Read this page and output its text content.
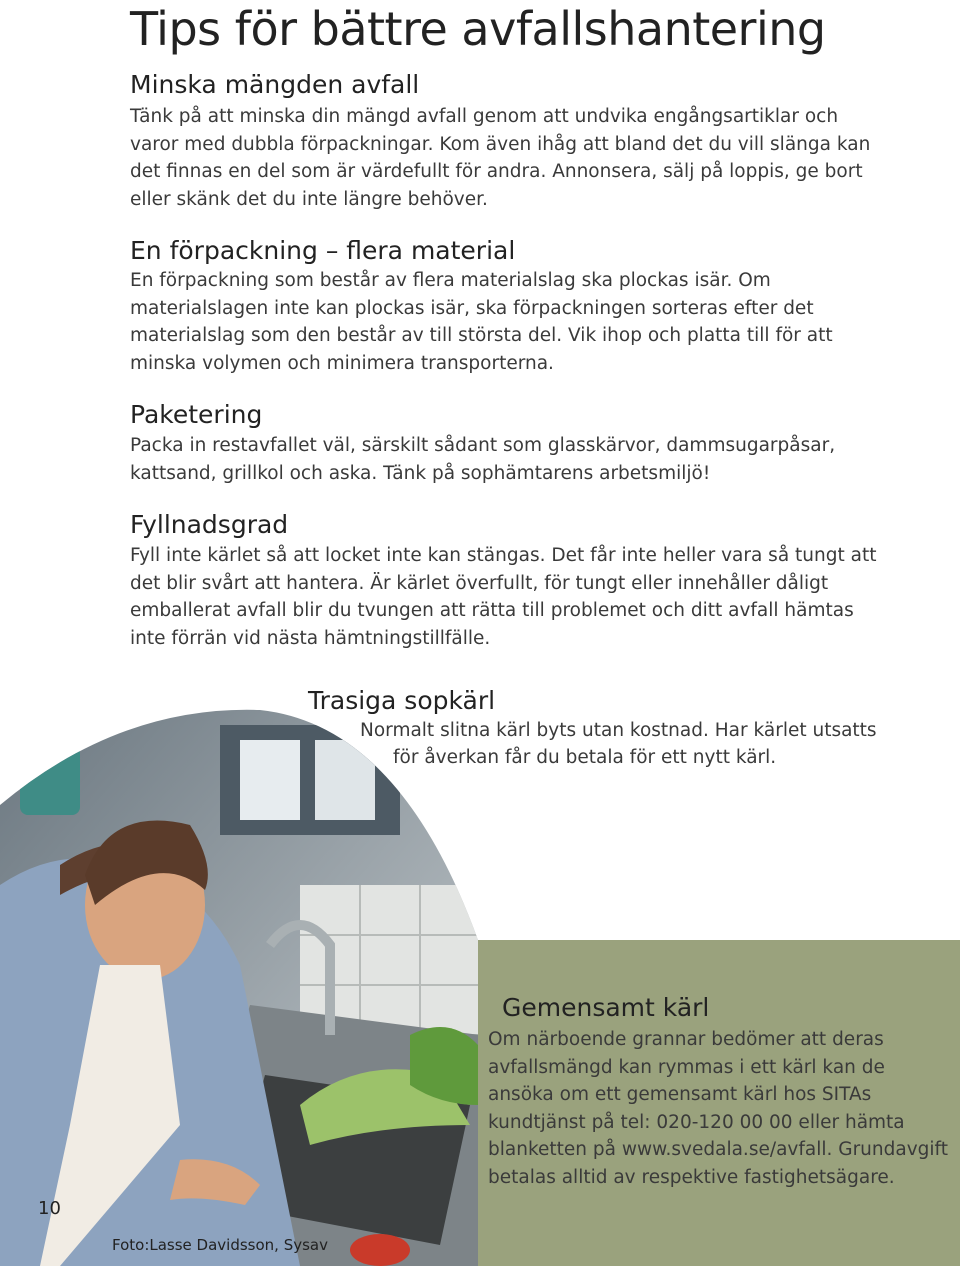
Tips för bättre avfallshantering
Minska mängden avfall

Tänk på att minska din mängd avfall genom att undvika engångsartiklar och varor med dubbla förpackningar. Kom även ihåg att bland det du vill slänga kan det finnas en del som är värdefullt för andra. Annonsera, sälj på loppis, ge bort eller skänk det du inte längre behöver.

En förpackning – flera material

En förpackning som består av flera materialslag ska plockas isär. Om materialslagen inte kan plockas isär, ska förpackningen sorteras efter det materialslag som den består av till största del. Vik ihop och platta till för att minska volymen och minimera transporterna.

Paketering

Packa in restavfallet väl, särskilt sådant som glasskärvor, dammsugarpåsar, kattsand, grillkol och aska. Tänk på sophämtarens arbetsmiljö!

Fyllnadsgrad

Fyll inte kärlet så att locket inte kan stängas. Det får inte heller vara så tungt att det blir svårt att hantera. Är kärlet överfullt, för tungt eller innehåller dåligt emballerat avfall blir du tvungen att rätta till problemet och ditt avfall hämtas inte förrän vid nästa hämtningstillfälle.

Trasiga sopkärl
Normalt slitna kärl byts utan kostnad. Har kärlet utsatts
för åverkan får du betala för ett nytt kärl.
Gemensamt kärl

Om närboende grannar bedömer att deras avfallsmängd kan rymmas i ett kärl kan de ansöka om ett gemensamt kärl hos SITAs kundtjänst på tel: 020-120 00 00 eller hämta blanketten på www.svedala.se/avfall. Grundavgift betalas alltid av respektive fastighetsägare.

10
Foto:Lasse Davidsson, Sysav
